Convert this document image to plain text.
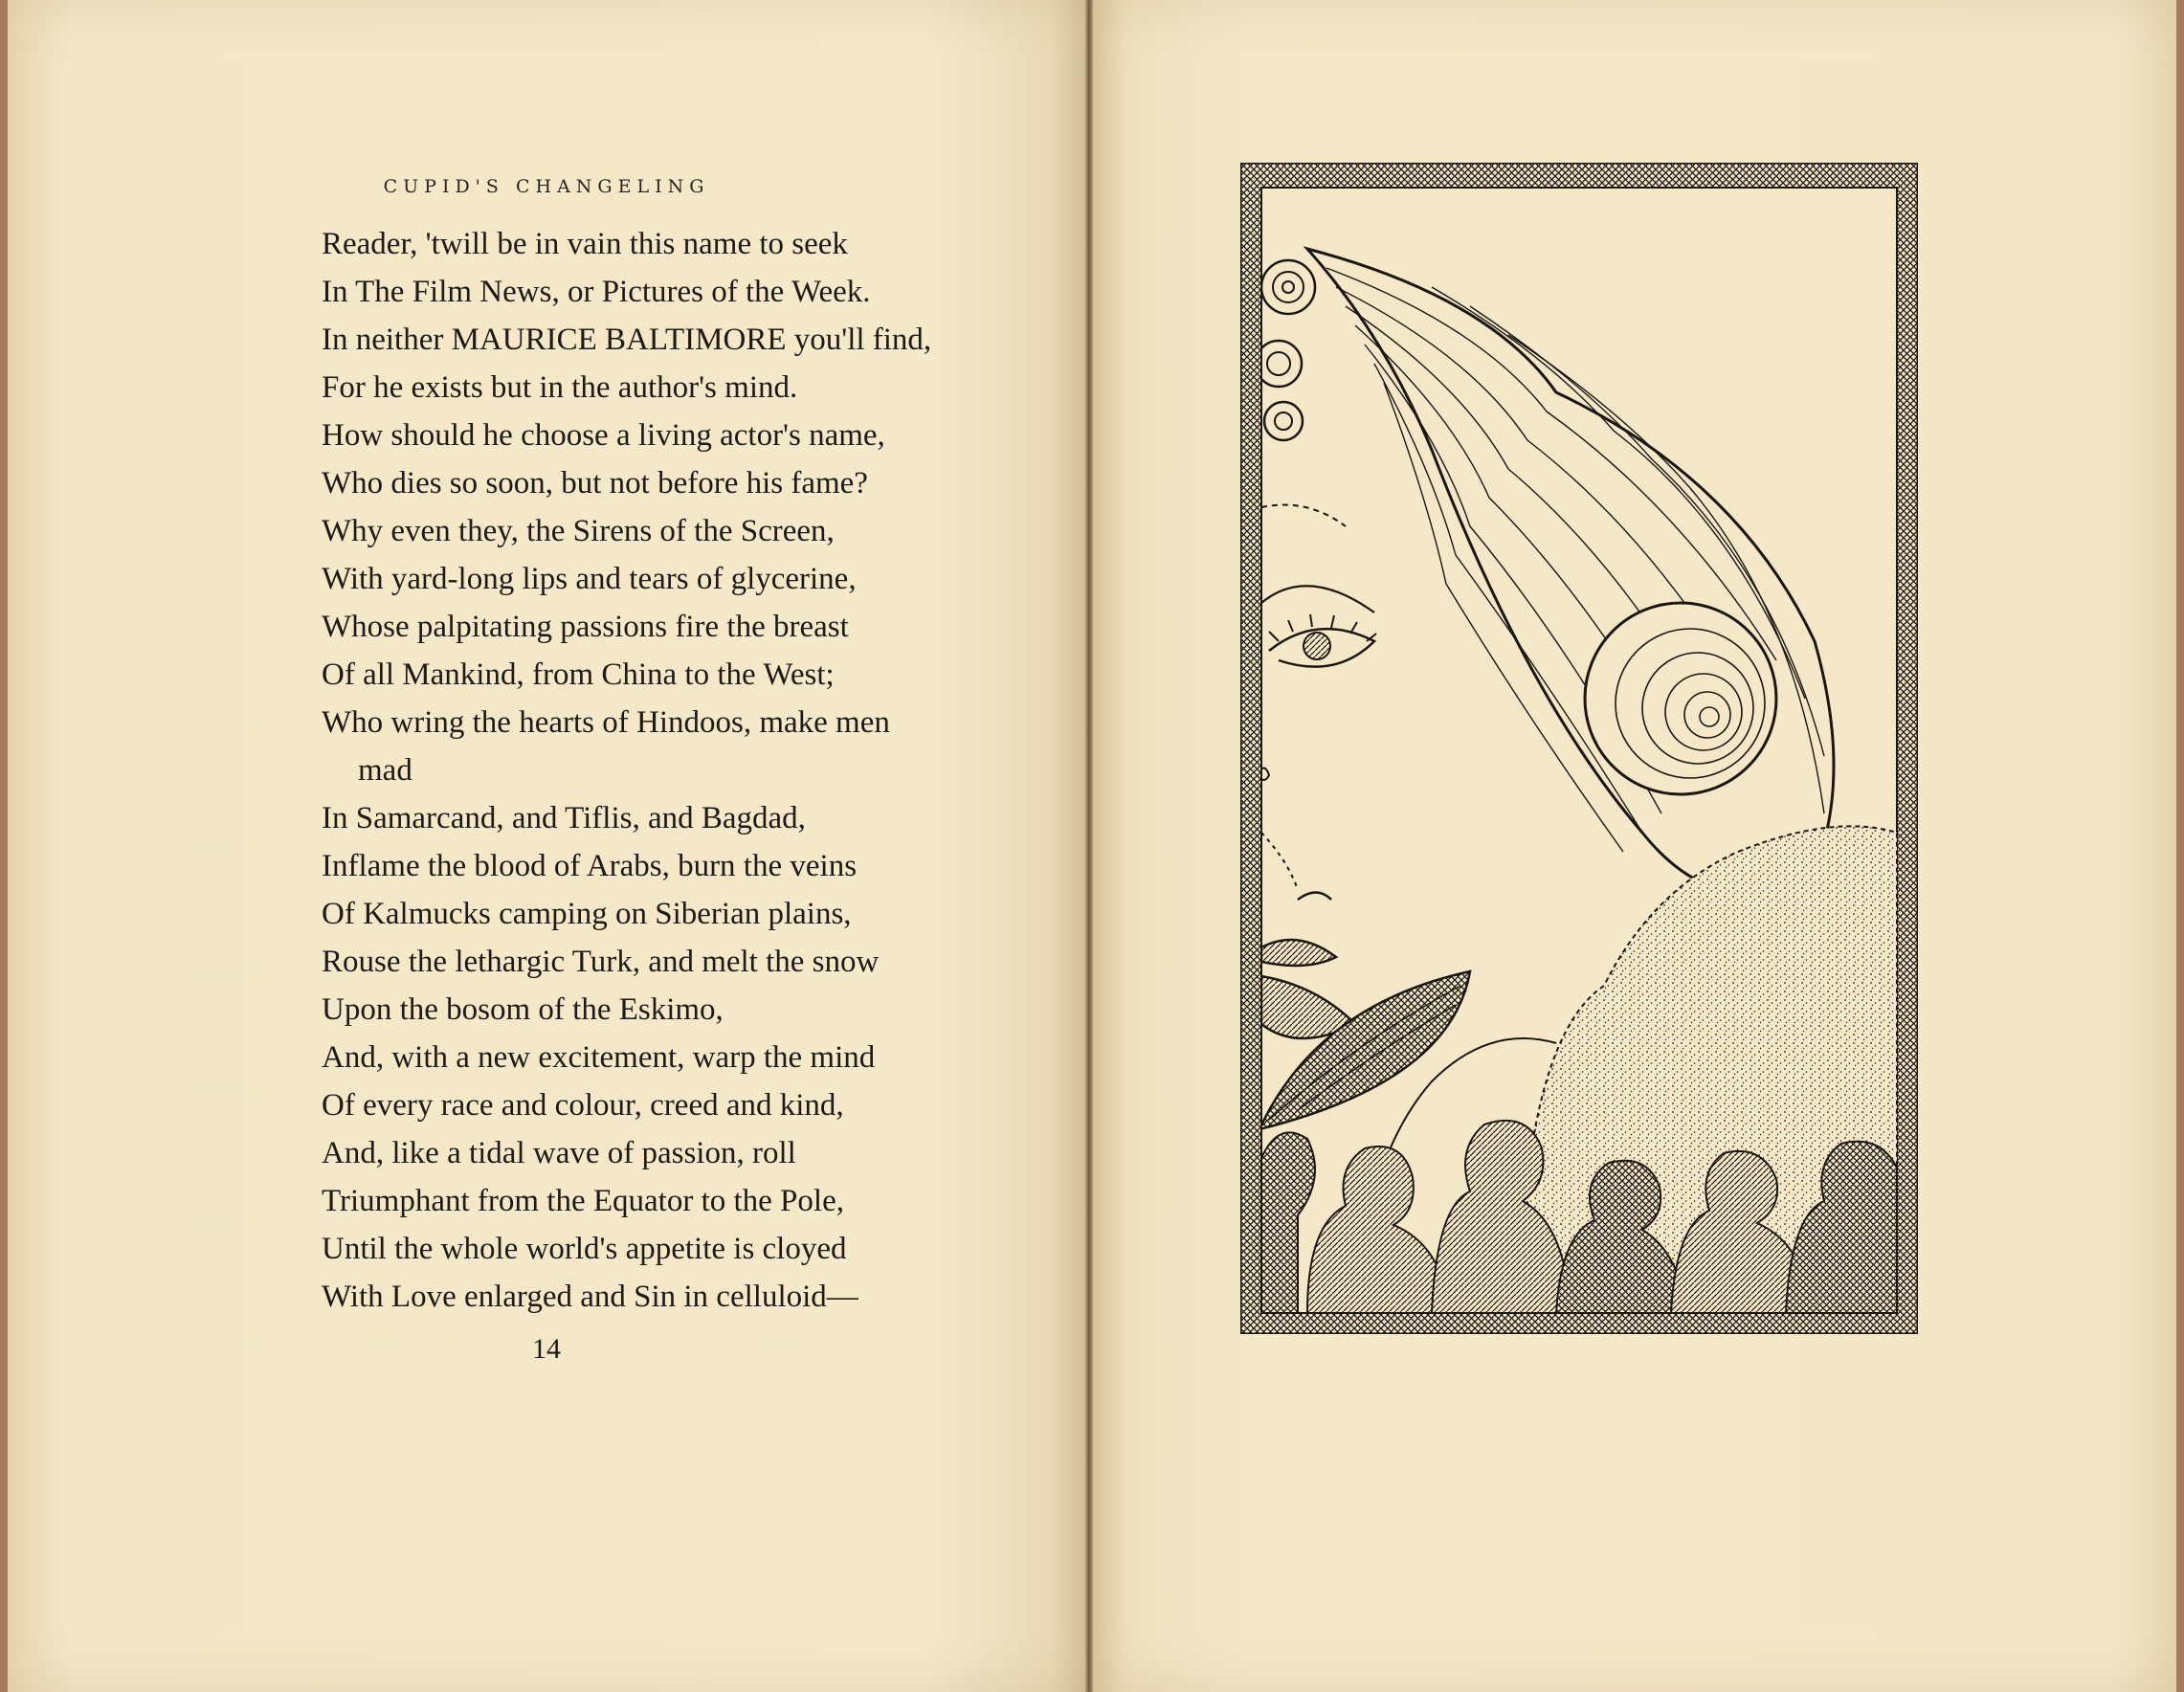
CUPID'S CHANGELING
Reader, 'twill be in vain this name to seek
In The Film News, or Pictures of the Week.
In neither MAURICE BALTIMORE you'll find,
For he exists but in the author's mind.
How should he choose a living actor's name,
Who dies so soon, but not before his fame?
Why even they, the Sirens of the Screen,
With yard-long lips and tears of glycerine,
Whose palpitating passions fire the breast
Of all Mankind, from China to the West;
Who wring the hearts of Hindoos, make men
mad
In Samarcand, and Tiflis, and Bagdad,
Inflame the blood of Arabs, burn the veins
Of Kalmucks camping on Siberian plains,
Rouse the lethargic Turk, and melt the snow
Upon the bosom of the Eskimo,
And, with a new excitement, warp the mind
Of every race and colour, creed and kind,
And, like a tidal wave of passion, roll
Triumphant from the Equator to the Pole,
Until the whole world's appetite is cloyed
With Love enlarged and Sin in celluloid—
14
